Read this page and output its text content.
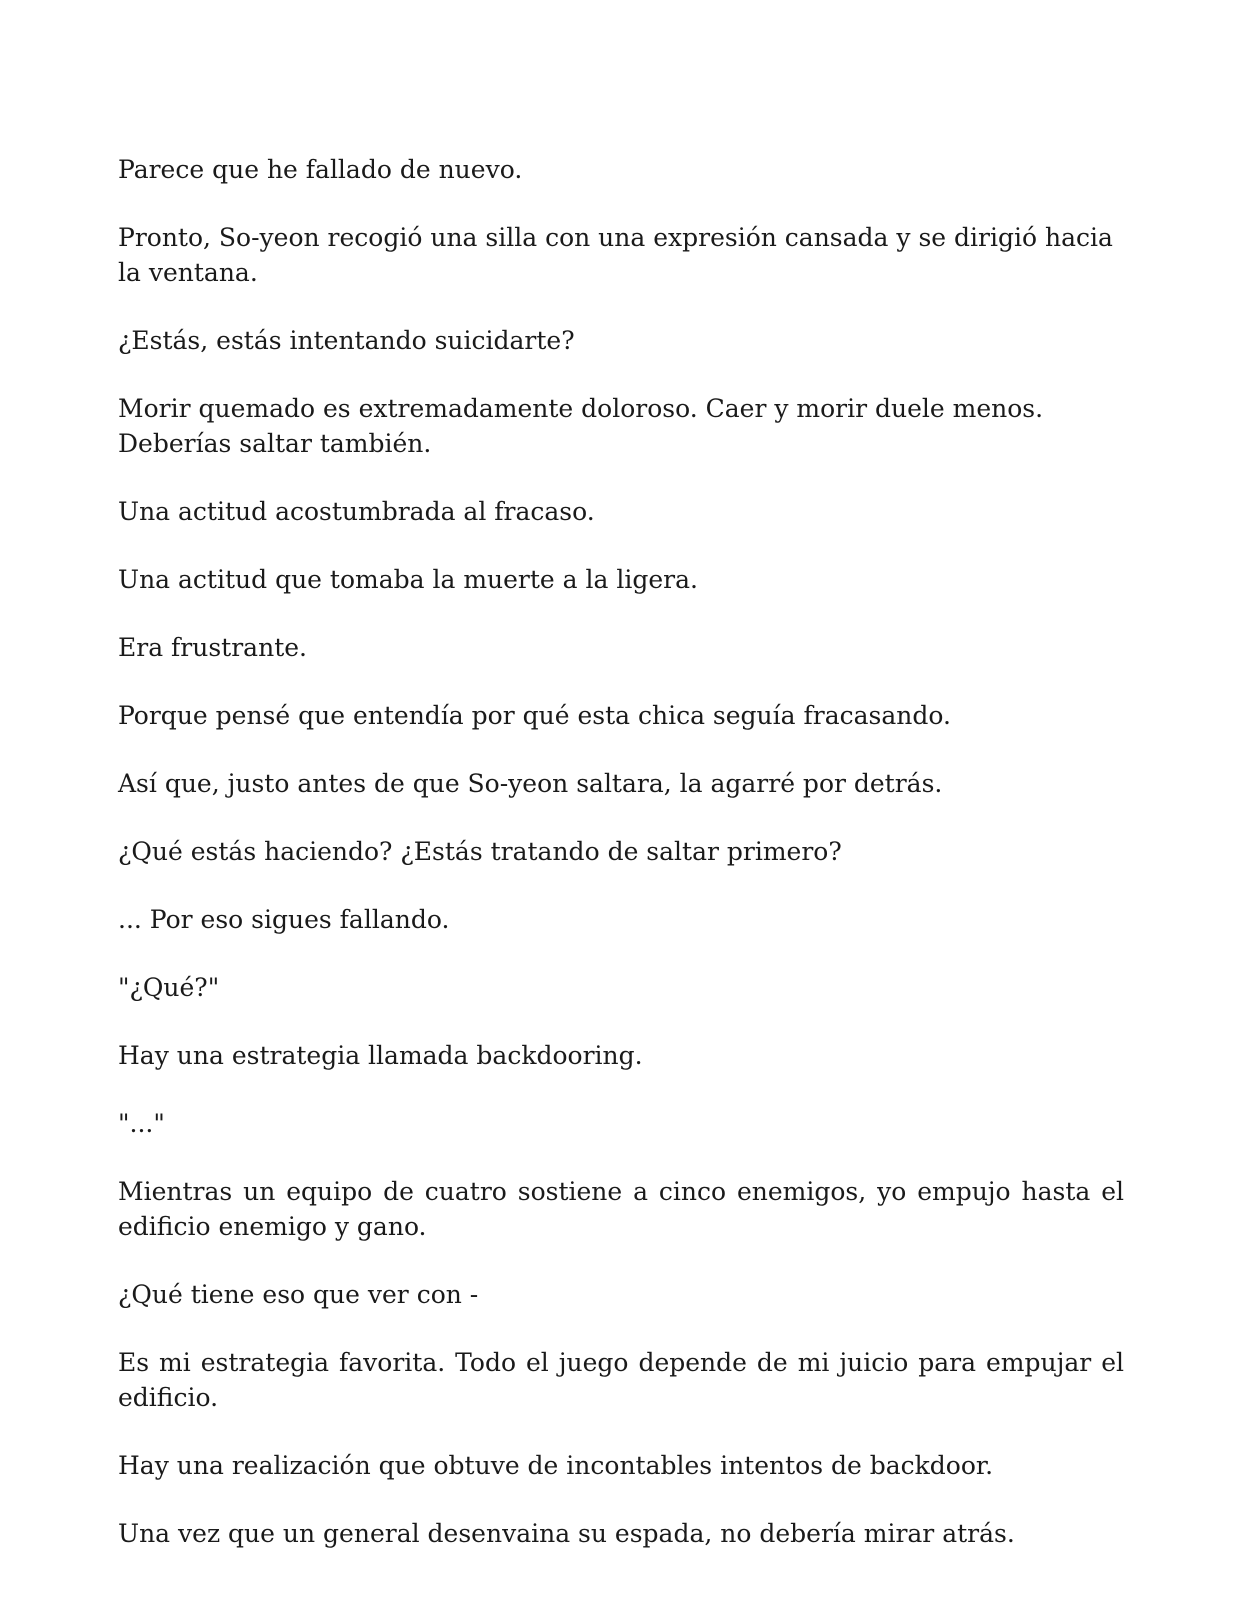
Parece que he fallado de nuevo.

Pronto, So-yeon recogió una silla con una expresión cansada y se dirigió hacia la ventana.

¿Estás, estás intentando suicidarte?

Morir quemado es extremadamente doloroso. Caer y morir duele menos. Deberías saltar también.

Una actitud acostumbrada al fracaso.

Una actitud que tomaba la muerte a la ligera.

Era frustrante.

Porque pensé que entendía por qué esta chica seguía fracasando.

Así que, justo antes de que So-yeon saltara, la agarré por detrás.

¿Qué estás haciendo? ¿Estás tratando de saltar primero?

... Por eso sigues fallando.

"¿Qué?"

Hay una estrategia llamada backdooring.

"..."

Mientras un equipo de cuatro sostiene a cinco enemigos, yo empujo hasta el edificio enemigo y gano.

¿Qué tiene eso que ver con -

Es mi estrategia favorita. Todo el juego depende de mi juicio para empujar el edificio.

Hay una realización que obtuve de incontables intentos de backdoor.

Una vez que un general desenvaina su espada, no debería mirar atrás.
